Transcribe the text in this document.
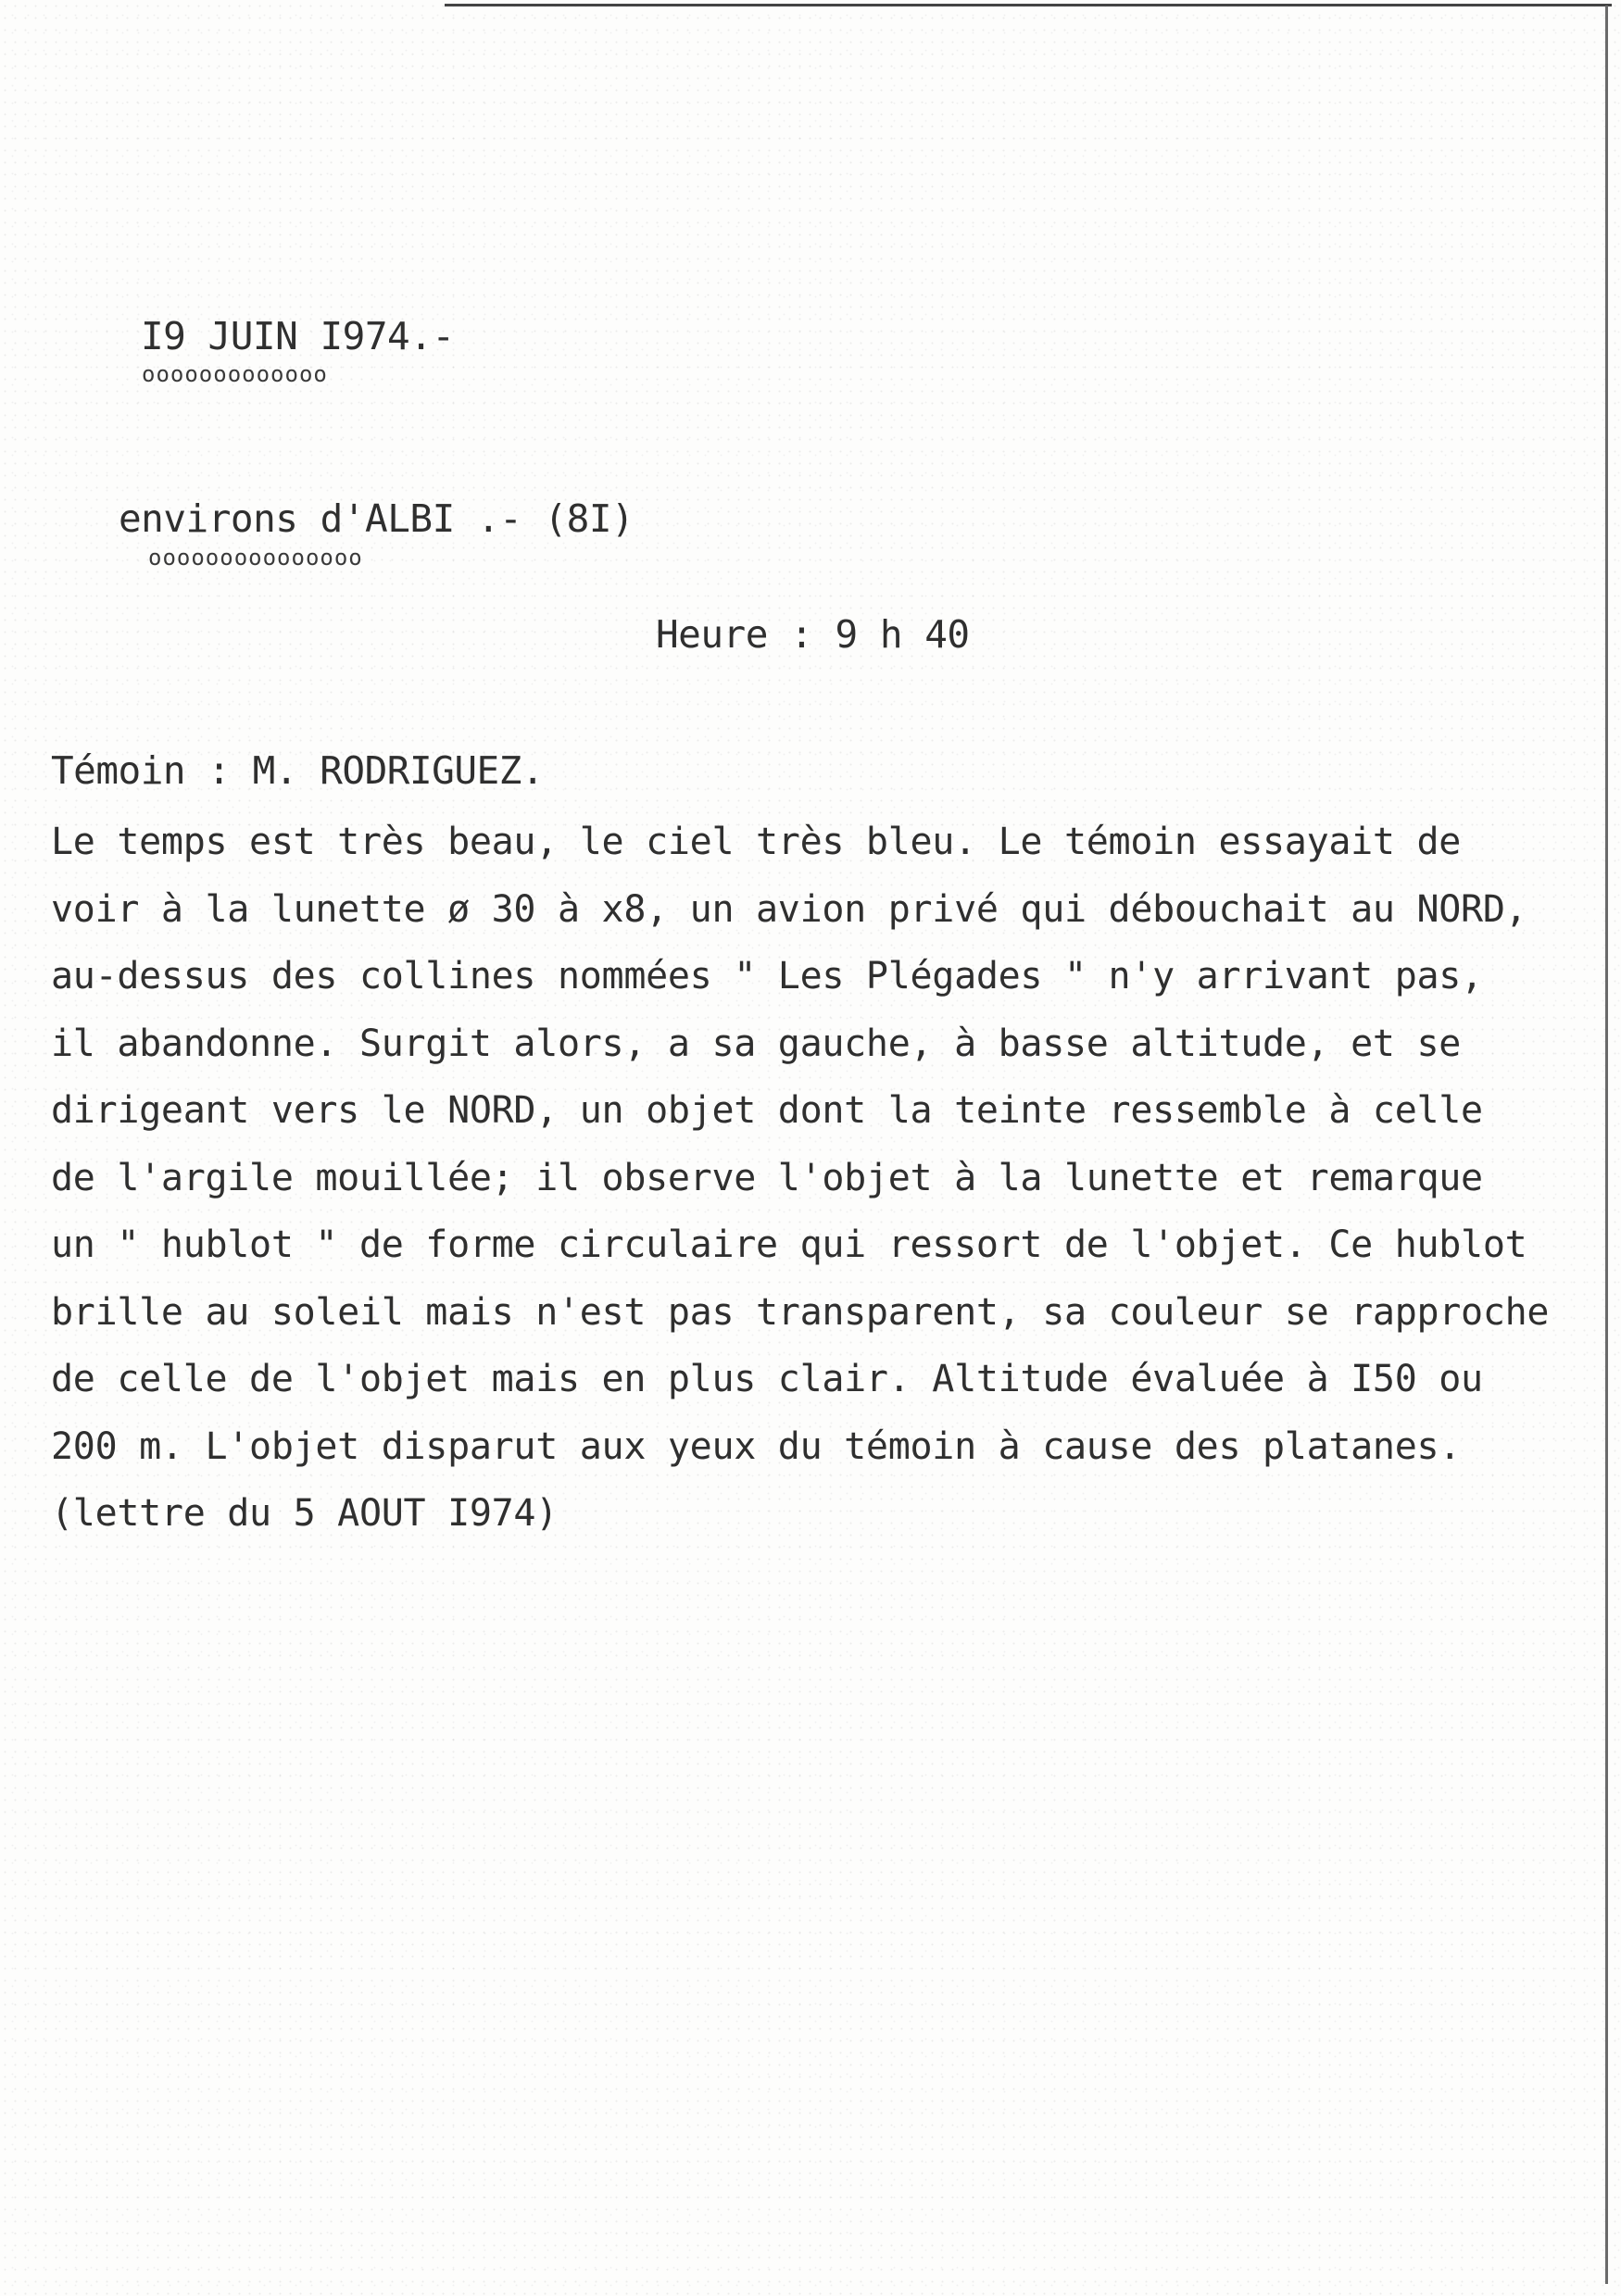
I9 JUIN I974.-
ooooooooooooo
environs d'ALBI .- (8I)
ooooooooooooooo
Heure : 9 h 40
Témoin : M. RODRIGUEZ.
Le temps est très beau, le ciel très bleu. Le témoin essayait de
voir à la lunette ø 30 à x8, un avion privé qui débouchait au NORD,
au-dessus des collines nommées " Les Plégades " n'y arrivant pas,
il abandonne. Surgit alors, a sa gauche, à basse altitude, et se
dirigeant vers le NORD, un objet dont la teinte ressemble à celle
de l'argile mouillée; il observe l'objet à la lunette et remarque
un " hublot " de forme circulaire qui ressort de l'objet. Ce hublot
brille au soleil mais n'est pas transparent, sa couleur se rapproche
de celle de l'objet mais en plus clair. Altitude évaluée à I50 ou
200 m. L'objet disparut aux yeux du témoin à cause des platanes.
(lettre du 5 AOUT I974)
